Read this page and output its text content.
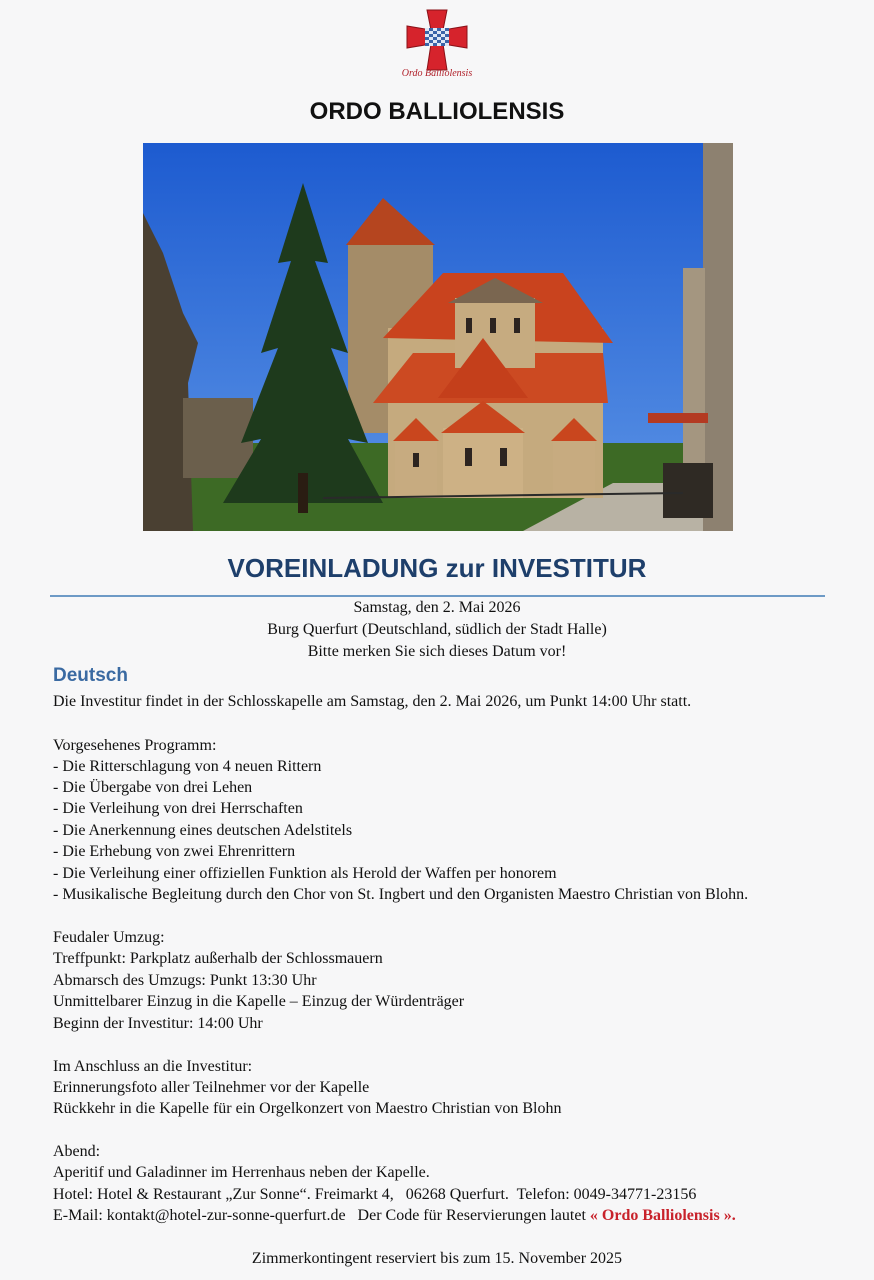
Ordo Balliolensis
ORDO BALLIOLENSIS
VOREINLADUNG zur INVESTITUR
Samstag, den 2. Mai 2026
Burg Querfurt (Deutschland, südlich der Stadt Halle)
Bitte merken Sie sich dieses Datum vor!
Deutsch
Die Investitur findet in der Schlosskapelle am Samstag, den 2. Mai 2026, um Punkt 14:00 Uhr statt.
Vorgesehenes Programm:
- Die Ritterschlagung von 4 neuen Rittern
- Die Übergabe von drei Lehen
- Die Verleihung von drei Herrschaften
- Die Anerkennung eines deutschen Adelstitels
- Die Erhebung von zwei Ehrenrittern
- Die Verleihung einer offiziellen Funktion als Herold der Waffen per honorem
- Musikalische Begleitung durch den Chor von St. Ingbert und den Organisten Maestro Christian von Blohn.
Feudaler Umzug:
Treffpunkt: Parkplatz außerhalb der Schlossmauern
Abmarsch des Umzugs: Punkt 13:30 Uhr
Unmittelbarer Einzug in die Kapelle – Einzug der Würdenträger
Beginn der Investitur: 14:00 Uhr
Im Anschluss an die Investitur:
Erinnerungsfoto aller Teilnehmer vor der Kapelle
Rückkehr in die Kapelle für ein Orgelkonzert von Maestro Christian von Blohn
Abend:
Aperitif und Galadinner im Herrenhaus neben der Kapelle.
Hotel: Hotel & Restaurant „Zur Sonne“. Freimarkt 4,   06268 Querfurt.  Telefon: 0049-34771-23156
E-Mail: kontakt@hotel-zur-sonne-querfurt.de   Der Code für Reservierungen lautet « Ordo Balliolensis ».
Zimmerkontingent reserviert bis zum 15. November 2025
